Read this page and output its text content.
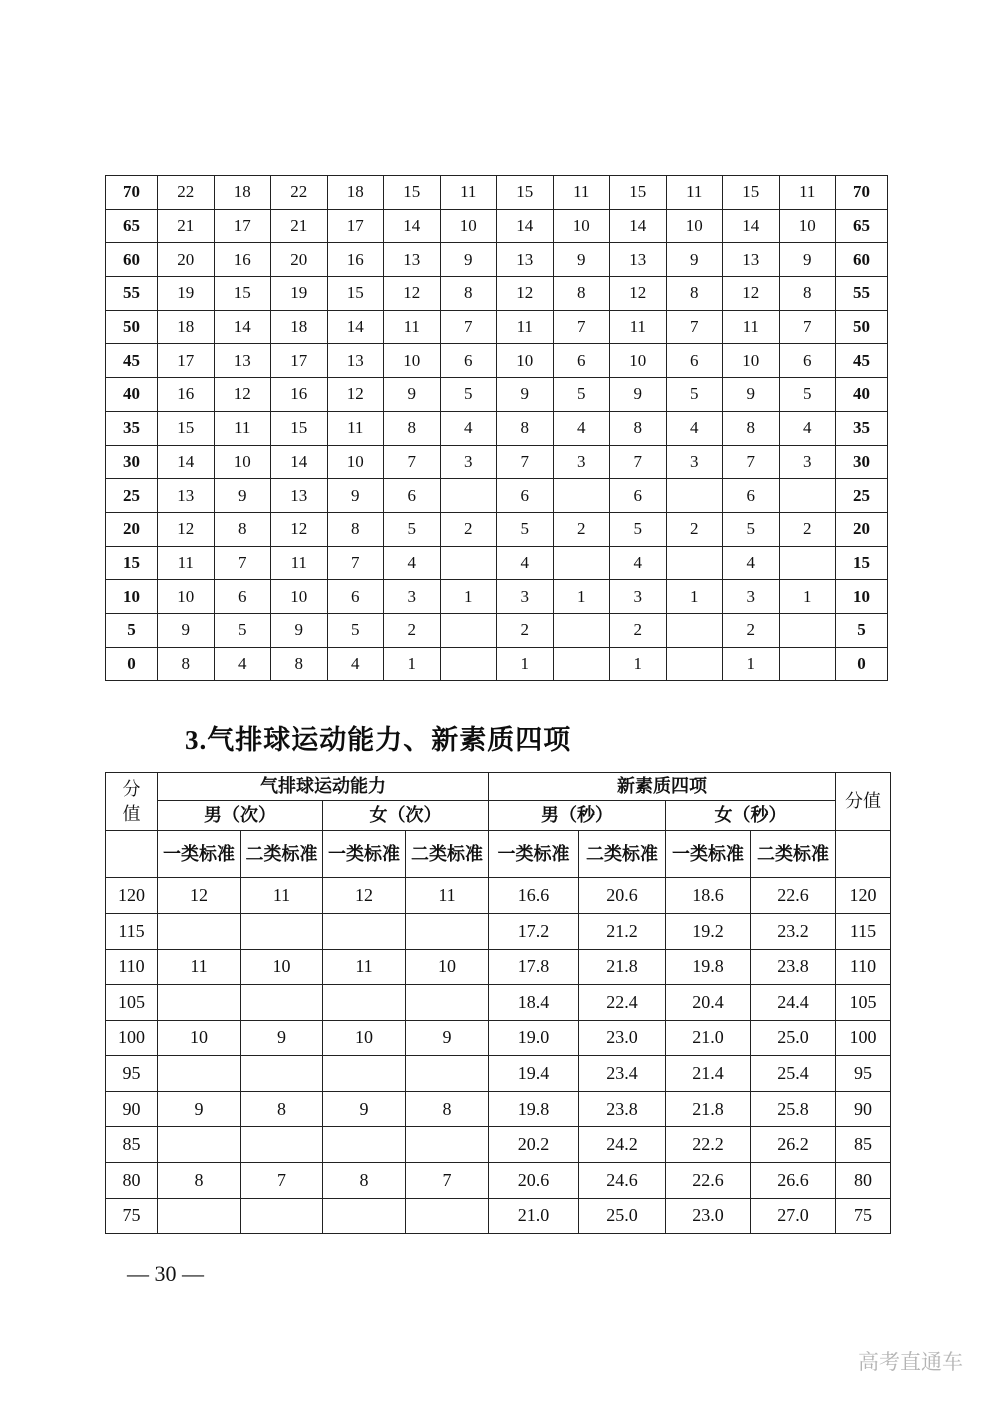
70	22	18	22	18	15	11	15	11	15	11	15	11	70
65	21	17	21	17	14	10	14	10	14	10	14	10	65
60	20	16	20	16	13	9	13	9	13	9	13	9	60
55	19	15	19	15	12	8	12	8	12	8	12	8	55
50	18	14	18	14	11	7	11	7	11	7	11	7	50
45	17	13	17	13	10	6	10	6	10	6	10	6	45
40	16	12	16	12	9	5	9	5	9	5	9	5	40
35	15	11	15	11	8	4	8	4	8	4	8	4	35
30	14	10	14	10	7	3	7	3	7	3	7	3	30
25	13	9	13	9	6		6		6		6		25
20	12	8	12	8	5	2	5	2	5	2	5	2	20
15	11	7	11	7	4		4		4		4		15
10	10	6	10	6	3	1	3	1	3	1	3	1	10
5	9	5	9	5	2		2		2		2		5
0	8	4	8	4	1		1		1		1		0
3.气排球运动能力、新素质四项
分值	气排球运动能力				新素质四项				分值
	男（次）		女（次）		男（秒）		女（秒）		
	一类标准	二类标准	一类标准	二类标准	一类标准	二类标准	一类标准	二类标准	
120	12	11	12	11	16.6	20.6	18.6	22.6	120
115					17.2	21.2	19.2	23.2	115
110	11	10	11	10	17.8	21.8	19.8	23.8	110
105					18.4	22.4	20.4	24.4	105
100	10	9	10	9	19.0	23.0	21.0	25.0	100
95					19.4	23.4	21.4	25.4	95
90	9	8	9	8	19.8	23.8	21.8	25.8	90
85					20.2	24.2	22.2	26.2	85
80	8	7	8	7	20.6	24.6	22.6	26.6	80
75					21.0	25.0	23.0	27.0	75
— 30 —
高考直通车
